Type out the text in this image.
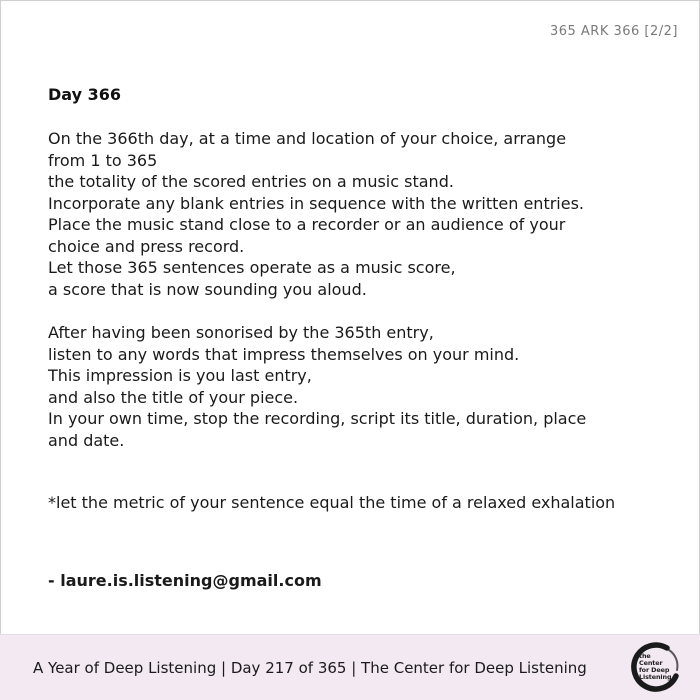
365 ARK 366 [2/2]
Day 366
On the 366th day, at a time and location of your choice, arrange
from 1 to 365
the totality of the scored entries on a music stand.
Incorporate any blank entries in sequence with the written entries.
Place the music stand close to a recorder or an audience of your
choice and press record.
Let those 365 sentences operate as a music score,
a score that is now sounding you aloud.
After having been sonorised by the 365th entry,
listen to any words that impress themselves on your mind.
This impression is you last entry,
and also the title of your piece.
In your own time, stop the recording, script its title, duration, place
and date.
*let the metric of your sentence equal the time of a relaxed exhalation
- laure.is.listening@gmail.com
A Year of Deep Listening | Day 217 of 365 | The Center for Deep Listening
the Center
for Deep
Listening
